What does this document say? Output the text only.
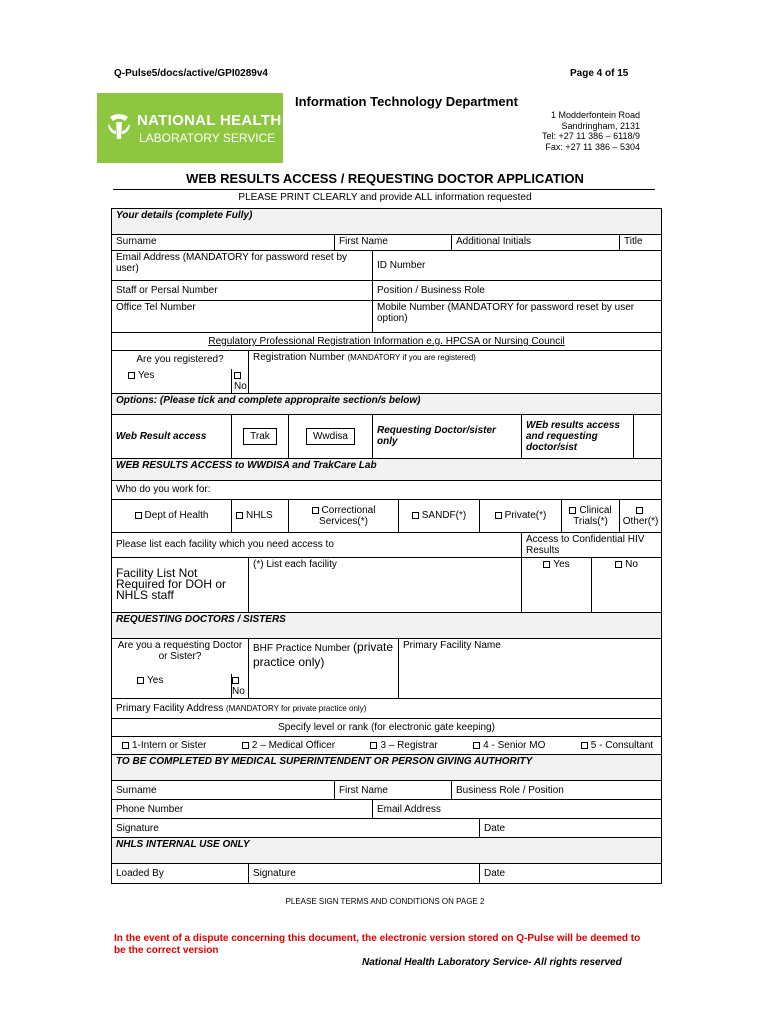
Q-Pulse5/docs/active/GPI0289v4	Page 4 of 15
NATIONAL HEALTH
LABORATORY SERVICE
Information Technology Department
1 Modderfontein Road
Sandringham, 2131
Tel: +27 11 386 – 6118/9
Fax: +27 11 386 – 5304
WEB RESULTS ACCESS / REQUESTING DOCTOR APPLICATION
PLEASE PRINT CLEARLY and provide ALL information requested
Your details (complete Fully)													
Surname				First Name			Additional Initials					Title	
Email Address (MANDATORY for password reset by user)					ID Number								
Staff or Persal Number					Position / Business Role								
Office Tel Number					Mobile Number (MANDATORY for password reset by user option)								
Regulatory Professional Registration Information e.g. HPCSA or Nursing Council													
Are you registered?		Registration Number (MANDATORY if you are registered)											
Yes	No												
Options: (Please tick and complete appropraite section/s below)													
Web Result access	Trak		Wwdisa		Requesting Doctor/sister only				WEb results access and requesting doctor/sist				
WEB RESULTS ACCESS to WWDISA and TrakCare Lab													
Who do you work for:													
Dept of Health	NHLS		Correctional Services(*)			SANDF(*)		Private(*)		Clinical Trials(*)		Other(*)	
Please list each facility which you need access to									Access to Confidential HIV Results				
Facility List Not Required for DOH or NHLS staff		(*) List each facility							Yes		No		
REQUESTING DOCTORS / SISTERS													
Are you a requesting Doctor or Sister?		BHF Practice Number (private practice only)				Primary Facility Name							
Yes	No												
Primary Facility Address (MANDATORY for private practice only)													
Specify level or rank (for electronic gate keeping)													

1-Intern or Sister 2 – Medical Officer 3 – Registrar 4 - Senior MO 5 - Consultant													

TO BE COMPLETED BY MEDICAL SUPERINTENDENT OR PERSON GIVING AUTHORITY													
Surname				First Name			Business Role / Position						
Phone Number					Email Address								
Signature								Date					
NHLS INTERNAL USE ONLY													
Loaded By		Signature						Date					
PLEASE SIGN TERMS AND CONDITIONS ON PAGE 2
In the event of a dispute concerning this document, the electronic version stored on Q-Pulse will be deemed to be the correct version
National Health Laboratory Service- All rights reserved
